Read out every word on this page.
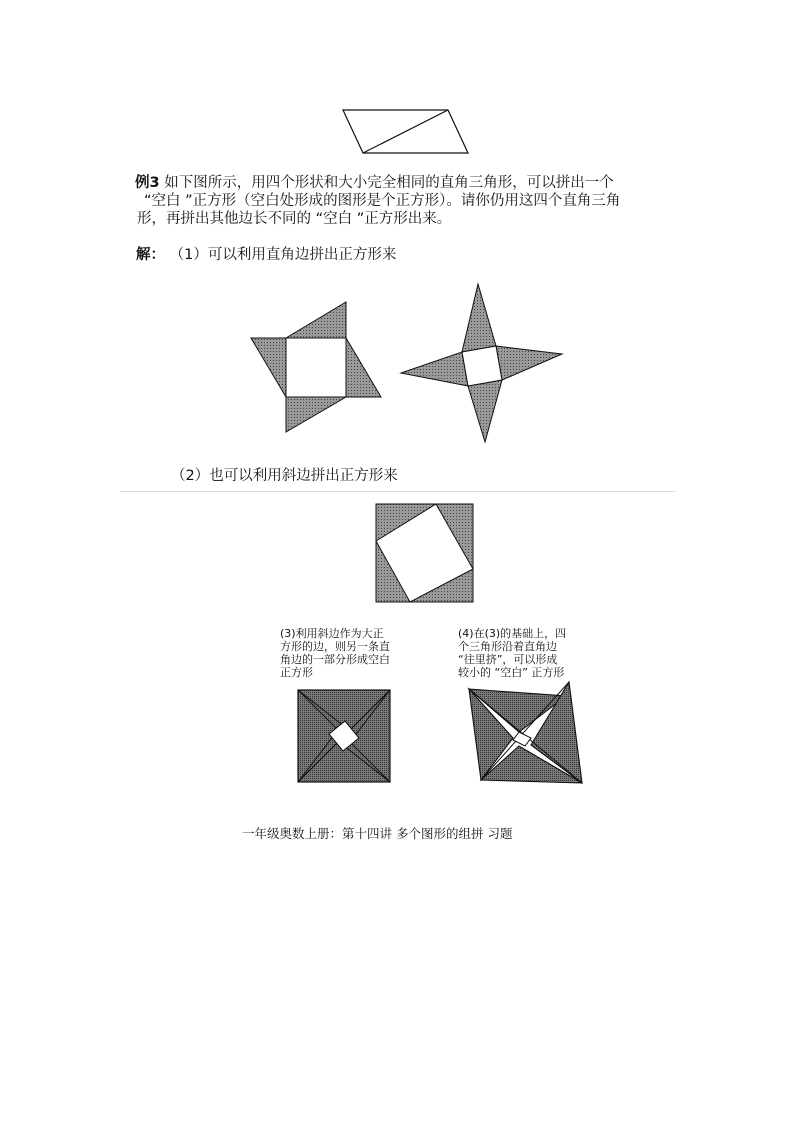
例3 如下图所示，用四个形状和大小完全相同的直角三角形，可以拼出一个
“空白 ”正方形（空白处形成的图形是个正方形）。请你仍用这四个直角三角
形，再拼出其他边长不同的 “空白 ”正方形出来。
解： （1）可以利用直角边拼出正方形来
（2）也可以利用斜边拼出正方形来
(3)利用斜边作为大正
方形的边，则另一条直
角边的一部分形成空白
正方形
(4)在(3)的基础上，四
个三角形沿着直角边
“往里挤”，可以形成
较小的 “空白” 正方形
一年级奥数上册：第十四讲 多个图形的组拼 习题
